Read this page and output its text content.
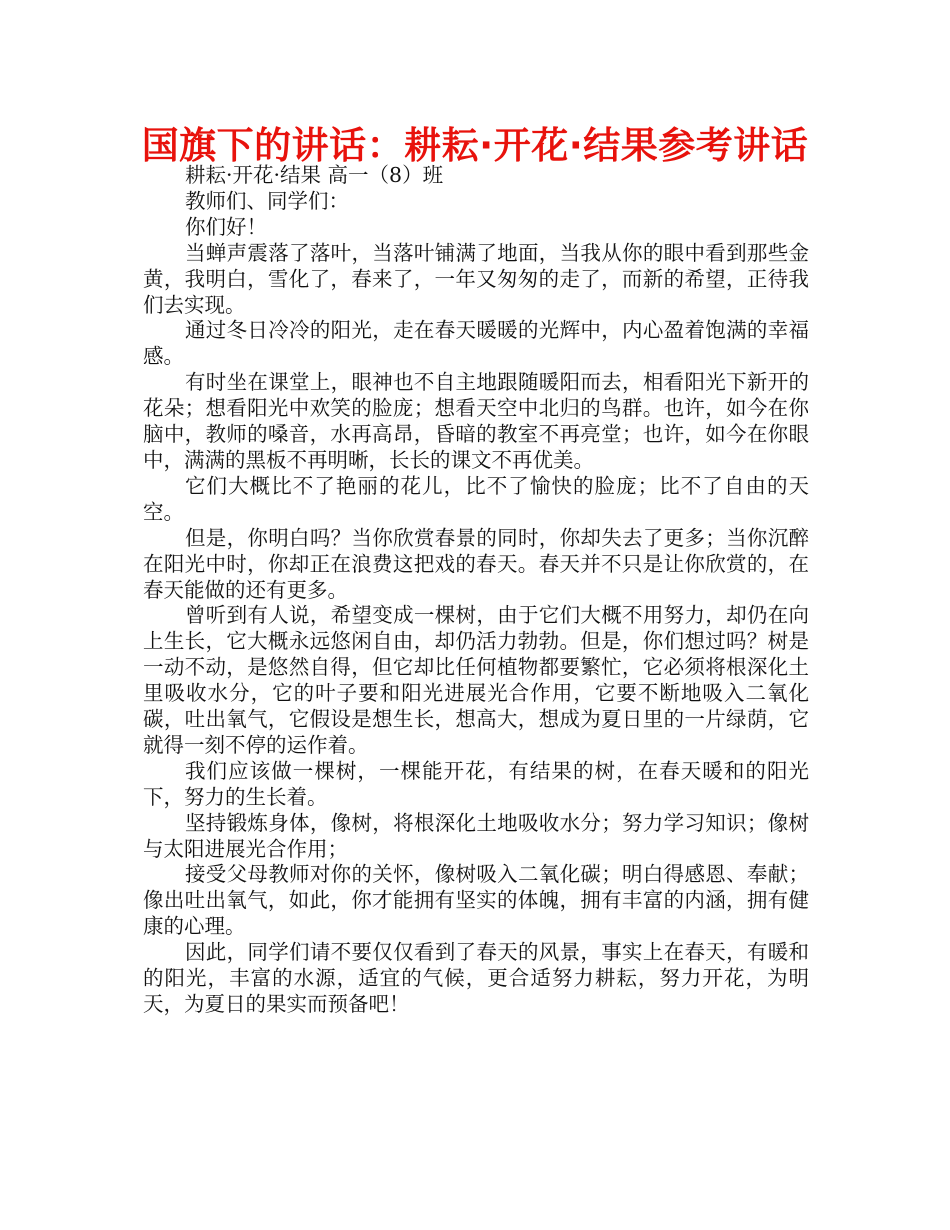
国旗下的讲话：耕耘·开花·结果参考讲话

耕耘·开花·结果 高一（8）班

教师们、同学们：

你们好！

当蝉声震落了落叶，当落叶铺满了地面，当我从你的眼中看到那些金黄，我明白，雪化了，春来了，一年又匆匆的走了，而新的希望，正待我们去实现。

通过冬日冷冷的阳光，走在春天暖暖的光辉中，内心盈着饱满的幸福感。

有时坐在课堂上，眼神也不自主地跟随暖阳而去，相看阳光下新开的花朵；想看阳光中欢笑的脸庞；想看天空中北归的鸟群。也许，如今在你脑中，教师的嗓音，水再高昂，昏暗的教室不再亮堂；也许，如今在你眼中，满满的黑板不再明晰，长长的课文不再优美。

它们大概比不了艳丽的花儿，比不了愉快的脸庞；比不了自由的天空。

但是，你明白吗？当你欣赏春景的同时，你却失去了更多；当你沉醉在阳光中时，你却正在浪费这把戏的春天。春天并不只是让你欣赏的，在春天能做的还有更多。

曾听到有人说，希望变成一棵树，由于它们大概不用努力，却仍在向上生长，它大概永远悠闲自由，却仍活力勃勃。但是，你们想过吗？树是一动不动，是悠然自得，但它却比任何植物都要繁忙，它必须将根深化土里吸收水分，它的叶子要和阳光进展光合作用，它要不断地吸入二氧化碳，吐出氧气，它假设是想生长，想高大，想成为夏日里的一片绿荫，它就得一刻不停的运作着。

我们应该做一棵树，一棵能开花，有结果的树，在春天暖和的阳光下，努力的生长着。

坚持锻炼身体，像树，将根深化土地吸收水分；努力学习知识；像树与太阳进展光合作用；

接受父母教师对你的关怀，像树吸入二氧化碳；明白得感恩、奉献；像出吐出氧气，如此，你才能拥有坚实的体魄，拥有丰富的内涵，拥有健康的心理。

因此，同学们请不要仅仅看到了春天的风景，事实上在春天，有暖和的阳光，丰富的水源，适宜的气候，更合适努力耕耘，努力开花，为明天，为夏日的果实而预备吧！
